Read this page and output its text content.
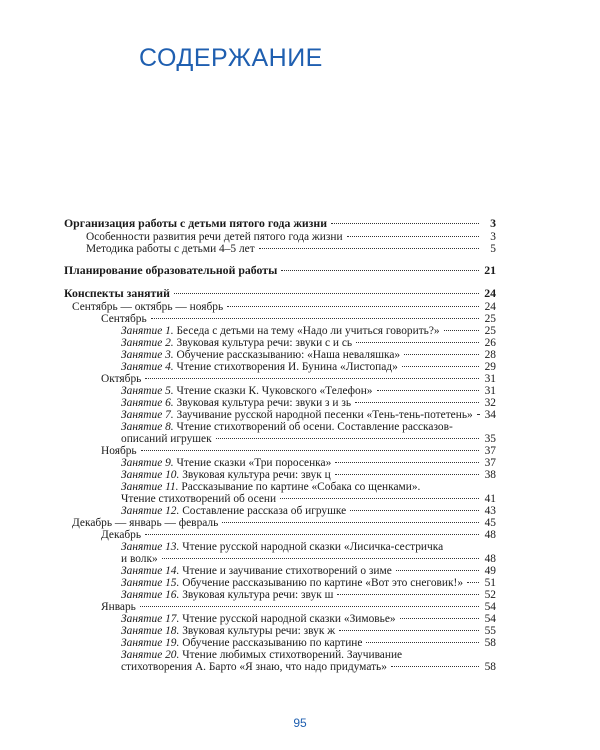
СОДЕРЖАНИЕ
Организация работы с детьми пятого года жизни	3
Особенности развития речи детей пятого года жизни	3
Методика работы с детьми 4–5 лет	5
Планирование образовательной работы	21
Конспекты занятий	24
Сентябрь — октябрь — ноябрь	24
Сентябрь	25
Занятие 1. Беседа с детьми на тему «Надо ли учиться говорить?»	25
Занятие 2. Звуковая культура речи: звуки с и сь	26
Занятие 3. Обучение рассказыванию: «Наша неваляшка»	28
Занятие 4. Чтение стихотворения И. Бунина «Листопад»	29
Октябрь	31
Занятие 5. Чтение сказки К. Чуковского «Телефон»	31
Занятие 6. Звуковая культура речи: звуки з и зь	32
Занятие 7. Заучивание русской народной песенки «Тень-тень-потетень» 34
Занятие 8. Чтение стихотворений об осени. Составление рассказов-
описаний игрушек	35
Ноябрь	37
Занятие 9. Чтение сказки «Три поросенка»	37
Занятие 10. Звуковая культура речи: звук ц	38
Занятие 11. Рассказывание по картине «Собака со щенками».
Чтение стихотворений об осени	41
Занятие 12. Составление рассказа об игрушке	43
Декабрь — январь — февраль	45
Декабрь	48
Занятие 13. Чтение русской народной сказки «Лисичка-сестричка
и волк»	48
Занятие 14. Чтение и заучивание стихотворений о зиме	49
Занятие 15. Обучение рассказыванию по картине «Вот это снеговик!» 51
Занятие 16. Звуковая культура речи: звук ш	52
Январь	54
Занятие 17. Чтение русской народной сказки «Зимовье»	54
Занятие 18. Звуковая культуры речи: звук ж	55
Занятие 19. Обучение рассказыванию по картине	58
Занятие 20. Чтение любимых стихотворений. Заучивание
стихотворения А. Барто «Я знаю, что надо придумать»	58
95
